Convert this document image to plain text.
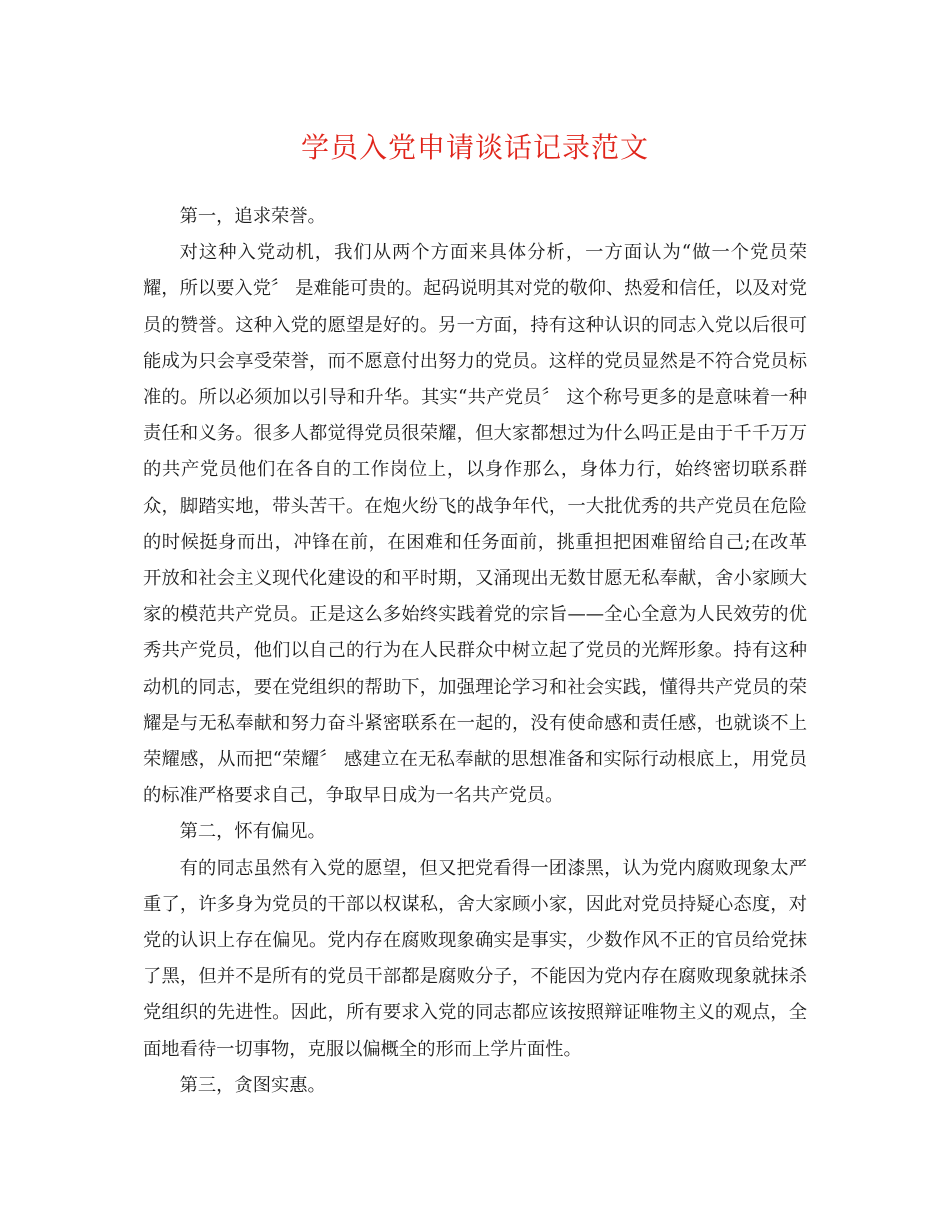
学员入党申请谈话记录范文

第一，追求荣誉。

对这种入党动机，我们从两个方面来具体分析，一方面认为“做一个党员荣耀，所以要入党〞 是难能可贵的。起码说明其对党的敬仰、热爱和信任，以及对党员的赞誉。这种入党的愿望是好的。另一方面，持有这种认识的同志入党以后很可能成为只会享受荣誉，而不愿意付出努力的党员。这样的党员显然是不符合党员标准的。所以必须加以引导和升华。其实“共产党员〞 这个称号更多的是意味着一种责任和义务。很多人都觉得党员很荣耀，但大家都想过为什么吗正是由于千千万万的共产党员他们在各自的工作岗位上，以身作那么，身体力行，始终密切联系群众，脚踏实地，带头苦干。在炮火纷飞的战争年代，一大批优秀的共产党员在危险的时候挺身而出，冲锋在前，在困难和任务面前，挑重担把困难留给自己;在改革开放和社会主义现代化建设的和平时期，又涌现出无数甘愿无私奉献，舍小家顾大家的模范共产党员。正是这么多始终实践着党的宗旨——全心全意为人民效劳的优秀共产党员，他们以自己的行为在人民群众中树立起了党员的光辉形象。持有这种动机的同志，要在党组织的帮助下，加强理论学习和社会实践，懂得共产党员的荣耀是与无私奉献和努力奋斗紧密联系在一起的，没有使命感和责任感，也就谈不上荣耀感，从而把“荣耀〞 感建立在无私奉献的思想准备和实际行动根底上，用党员的标准严格要求自己，争取早日成为一名共产党员。

第二，怀有偏见。

有的同志虽然有入党的愿望，但又把党看得一团漆黑，认为党内腐败现象太严重了，许多身为党员的干部以权谋私，舍大家顾小家，因此对党员持疑心态度，对党的认识上存在偏见。党内存在腐败现象确实是事实，少数作风不正的官员给党抹了黑，但并不是所有的党员干部都是腐败分子，不能因为党内存在腐败现象就抹杀党组织的先进性。因此，所有要求入党的同志都应该按照辩证唯物主义的观点，全面地看待一切事物，克服以偏概全的形而上学片面性。

第三，贪图实惠。
